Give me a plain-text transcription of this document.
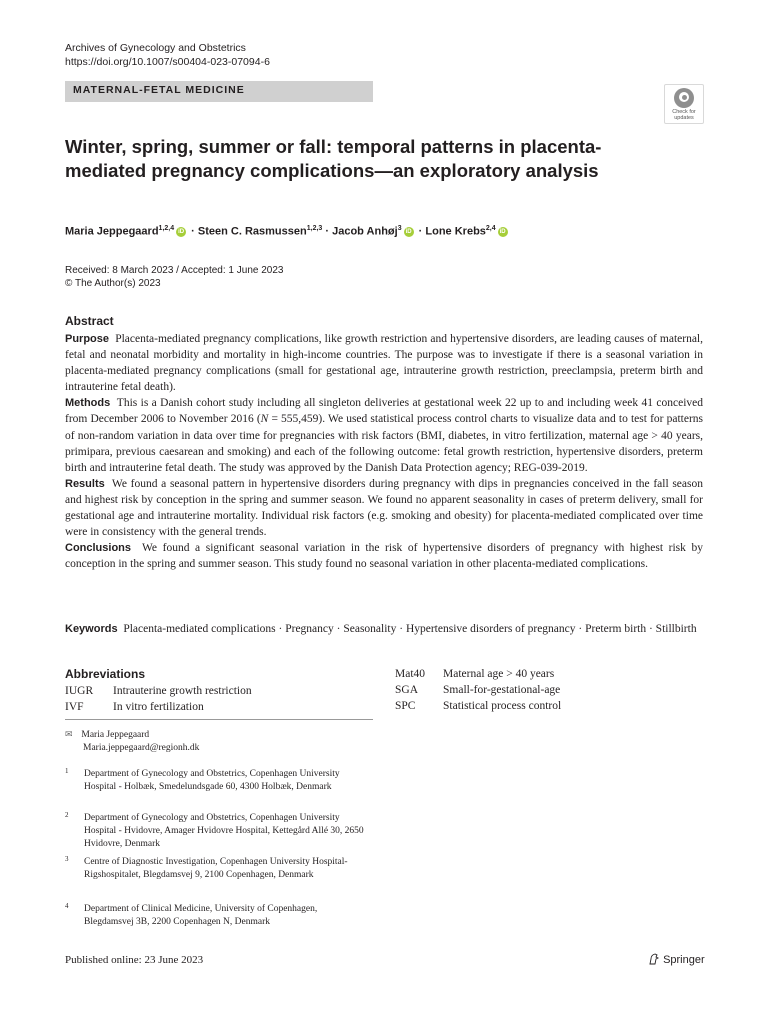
Archives of Gynecology and Obstetrics
https://doi.org/10.1007/s00404-023-07094-6
MATERNAL-FETAL MEDICINE
Check for
updates
Winter, spring, summer or fall: temporal patterns in placenta-mediated pregnancy complications—an exploratory analysis
Maria Jeppegaard$^{1,2,4}$ iD · Steen C. Rasmussen$^{1,2,3}$ · Jacob Anhøj$^3$ iD · Lone Krebs$^{2,4}$ iD
Received: 8 March 2023 / Accepted: 1 June 2023
© The Author(s) 2023
Abstract

Purpose Placenta-mediated pregnancy complications, like growth restriction and hypertensive disorders, are leading causes of maternal, fetal and neonatal morbidity and mortality in high-income countries. The purpose was to investigate if there is a seasonal variation in placenta-mediated pregnancy complications (small for gestational age, intrauterine growth restriction, preeclampsia, preterm birth and intrauterine fetal death).

Methods This is a Danish cohort study including all singleton deliveries at gestational week 22 up to and including week 41 conceived from December 2006 to November 2016 (N = 555,459). We used statistical process control charts to visualize data and to test for patterns of non-random variation in data over time for pregnancies with risk factors (BMI, diabetes, in vitro fertilization, maternal age > 40 years, primipara, previous caesarean and smoking) and each of the following outcome: fetal growth restriction, hypertensive disorders, preterm birth and intrauterine fetal death. The study was approved by the Danish Data Protection agency; REG-039-2019.

Results We found a seasonal pattern in hypertensive disorders during pregnancy with dips in pregnancies conceived in the fall season and highest risk by conception in the spring and summer season. We found no apparent seasonality in cases of preterm delivery, small for gestational age and intrauterine mortality. Individual risk factors (e.g. smoking and obesity) for placenta-mediated complicated over time were in consistency with the general trends.

Conclusions We found a significant seasonal variation in the risk of hypertensive disorders of pregnancy with highest risk by conception in the spring and summer season. This study found no seasonal variation in other placenta-mediated complications.

Keywords Placenta-mediated complications · Pregnancy · Seasonality · Hypertensive disorders of pregnancy · Preterm birth · Stillbirth
Abbreviations
IUGR	Intrauterine growth restriction
IVF	In vitro fertilization
Mat40	Maternal age > 40 years
SGA	Small-for-gestational-age
SPC	Statistical process control
✉ Maria Jeppegaard
Maria.jeppegaard@regionh.dk
1	Department of Gynecology and Obstetrics, Copenhagen University Hospital - Holbæk, Smedelundsgade 60, 4300 Holbæk, Denmark
2	Department of Gynecology and Obstetrics, Copenhagen University Hospital - Hvidovre, Amager Hvidovre Hospital, Kettegård Allé 30, 2650 Hvidovre, Denmark
3	Centre of Diagnostic Investigation, Copenhagen University Hospital-Rigshospitalet, Blegdamsvej 9, 2100 Copenhagen, Denmark
4	Department of Clinical Medicine, University of Copenhagen, Blegdamsvej 3B, 2200 Copenhagen N, Denmark
Published online: 23 June 2023	Springer
